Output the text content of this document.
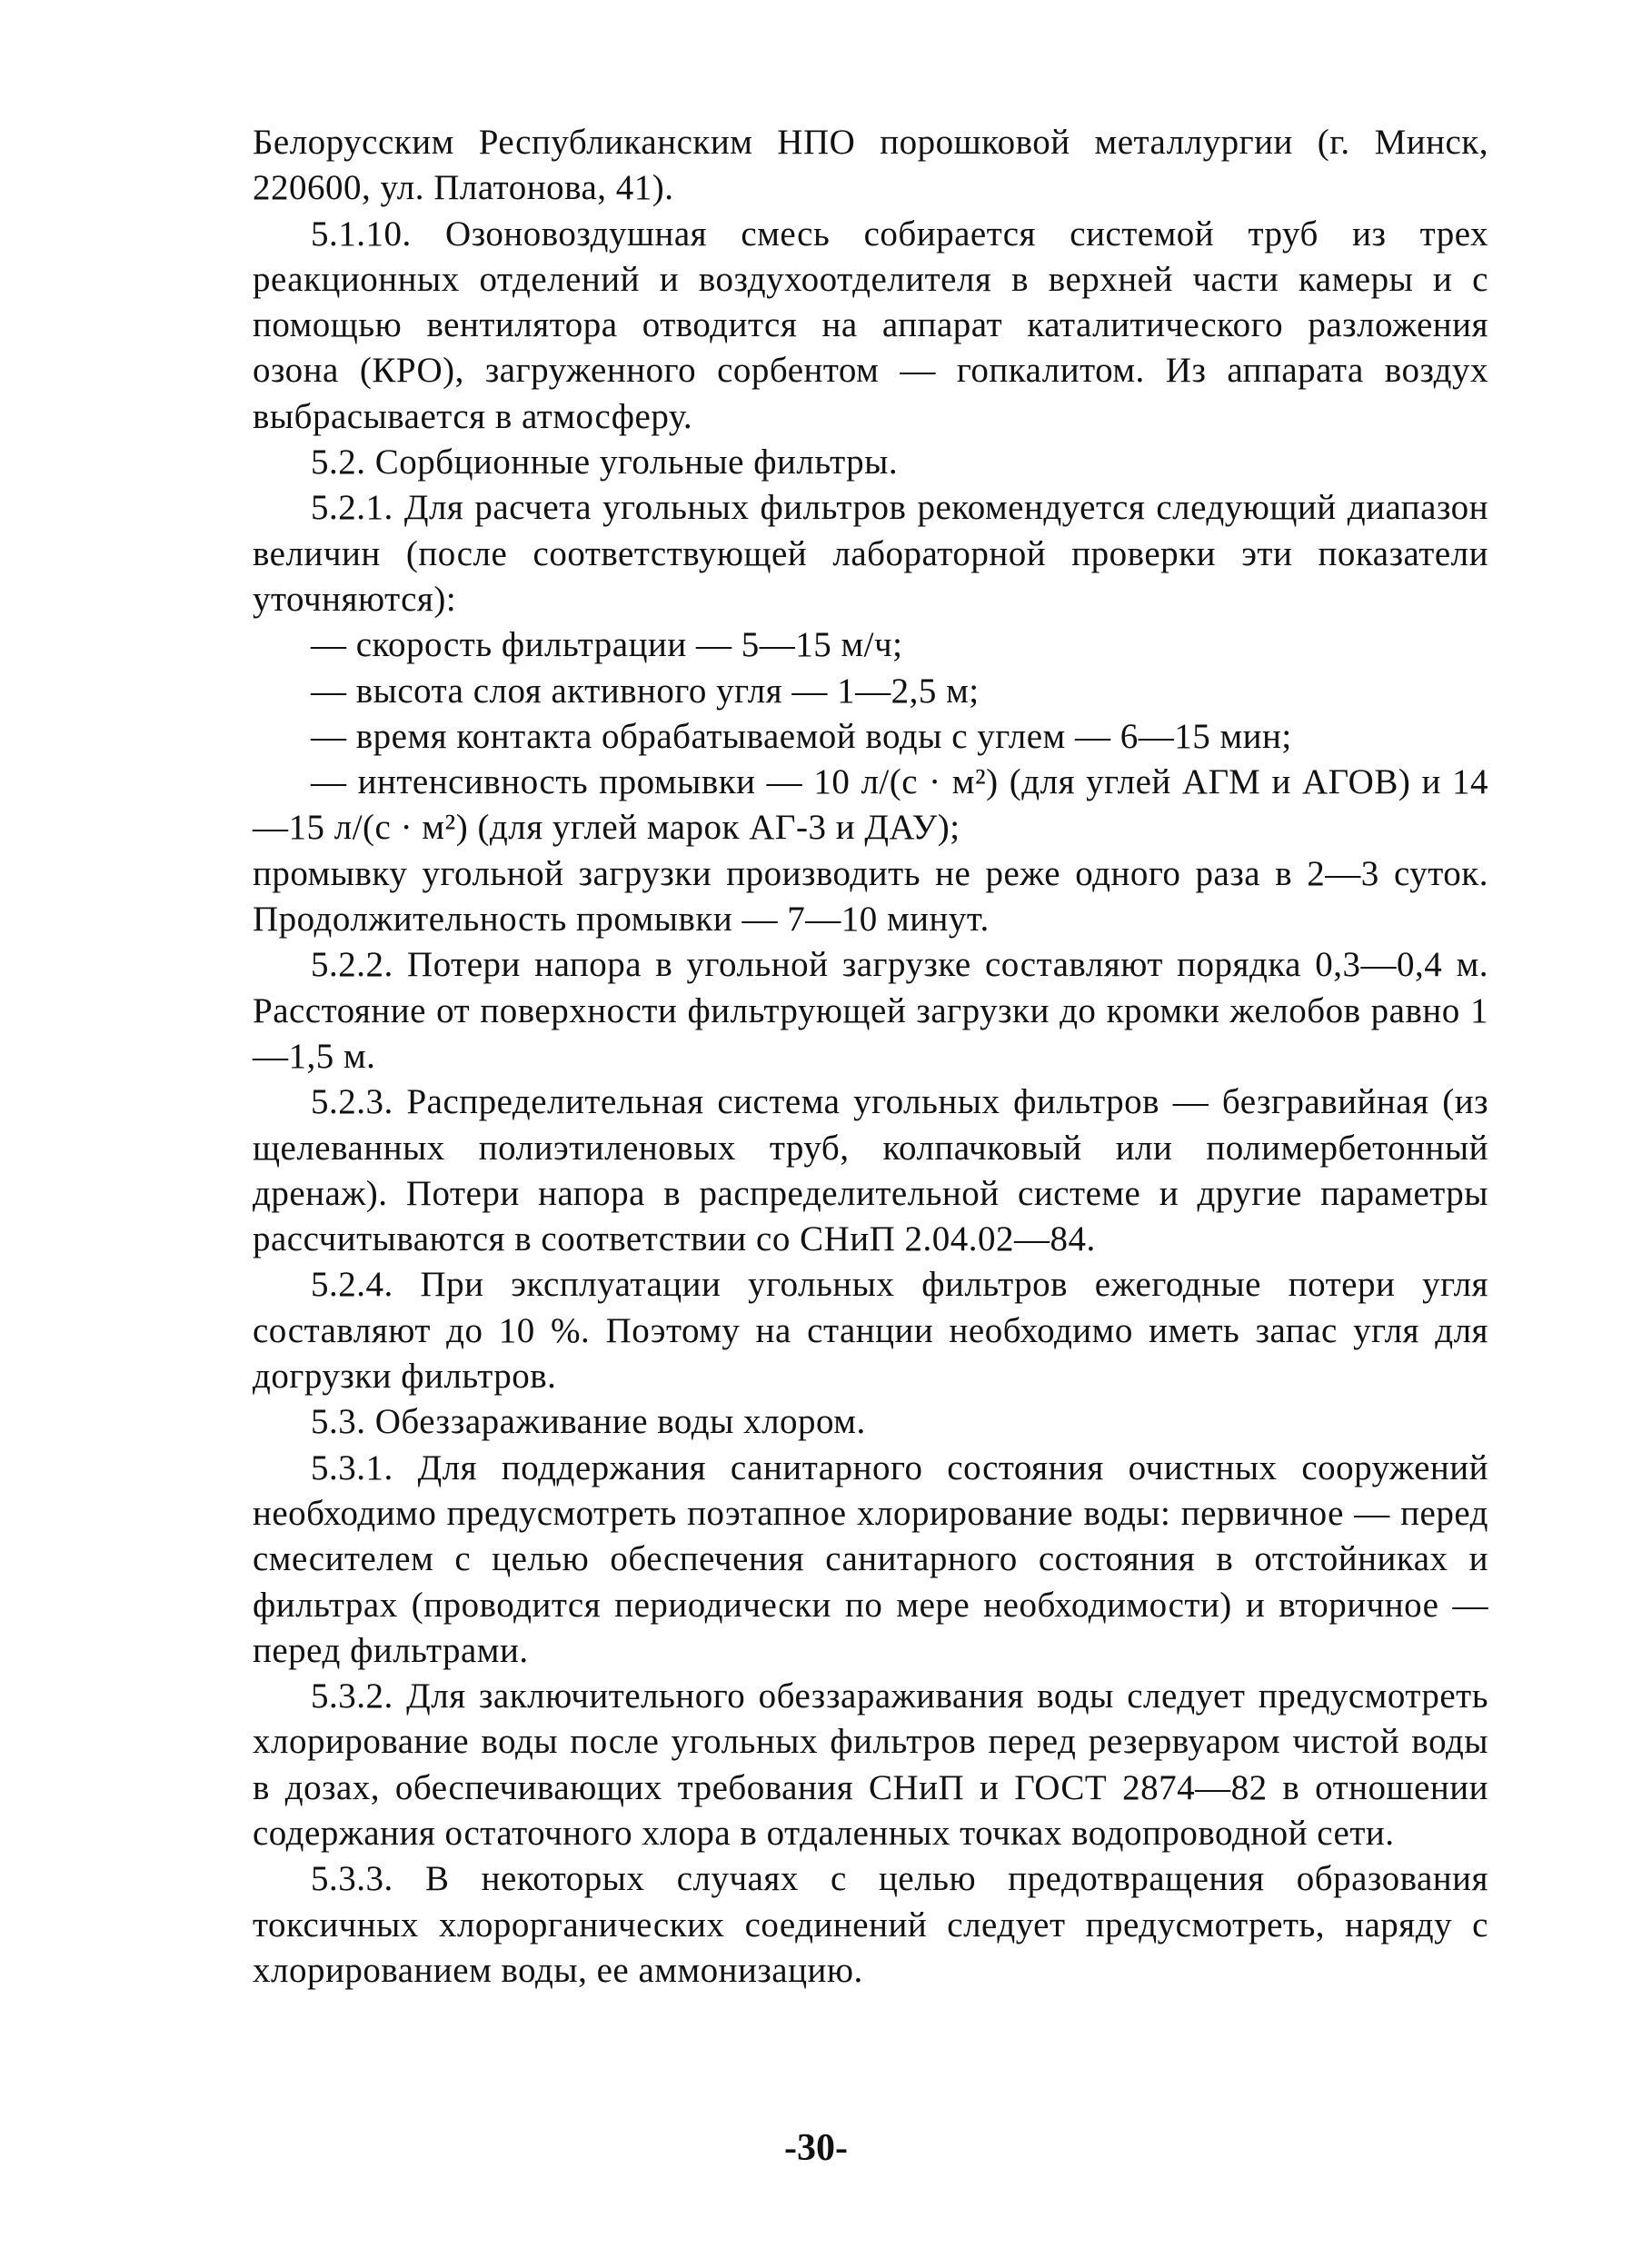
Белорусским Республиканским НПО порошковой металлургии (г. Минск, 220600, ул. Платонова, 41).

5.1.10. Озоновоздушная смесь собирается системой труб из трех реакционных отделений и воздухоотделителя в верхней части камеры и с помощью вентилятора отводится на аппарат каталитического разложения озона (КРО), загруженного сорбентом — гопкалитом. Из аппарата воздух выбрасывается в атмосферу.

5.2. Сорбционные угольные фильтры.

5.2.1. Для расчета угольных фильтров рекомендуется следующий диапазон величин (после соответствующей лабораторной проверки эти показатели уточняются):

— скорость фильтрации — 5—15 м/ч;

— высота слоя активного угля — 1—2,5 м;

— время контакта обрабатываемой воды с углем — 6—15 мин;

— интенсивность промывки — 10 л/(с · м²) (для углей АГМ и АГОВ) и 14—15 л/(с · м²) (для углей марок АГ-3 и ДАУ);

промывку угольной загрузки производить не реже одного раза в 2—3 суток. Продолжительность промывки — 7—10 минут.

5.2.2. Потери напора в угольной загрузке составляют порядка 0,3—0,4 м. Расстояние от поверхности фильтрующей загрузки до кромки желобов равно 1—1,5 м.

5.2.3. Распределительная система угольных фильтров — безгравийная (из щелеванных полиэтиленовых труб, колпачковый или полимербетонный дренаж). Потери напора в распределительной системе и другие параметры рассчитываются в соответствии со СНиП 2.04.02—84.

5.2.4. При эксплуатации угольных фильтров ежегодные потери угля составляют до 10 %. Поэтому на станции необходимо иметь запас угля для догрузки фильтров.

5.3. Обеззараживание воды хлором.

5.3.1. Для поддержания санитарного состояния очистных сооружений необходимо предусмотреть поэтапное хлорирование воды: первичное — перед смесителем с целью обеспечения санитарного состояния в отстойниках и фильтрах (проводится периодически по мере необходимости) и вторичное — перед фильтрами.

5.3.2. Для заключительного обеззараживания воды следует предусмотреть хлорирование воды после угольных фильтров перед резервуаром чистой воды в дозах, обеспечивающих требования СНиП и ГОСТ 2874—82 в отношении содержания остаточного хлора в отдаленных точках водопроводной сети.

5.3.3. В некоторых случаях с целью предотвращения образования токсичных хлорорганических соединений следует предусмотреть, наряду с хлорированием воды, ее аммонизацию.

-30-
